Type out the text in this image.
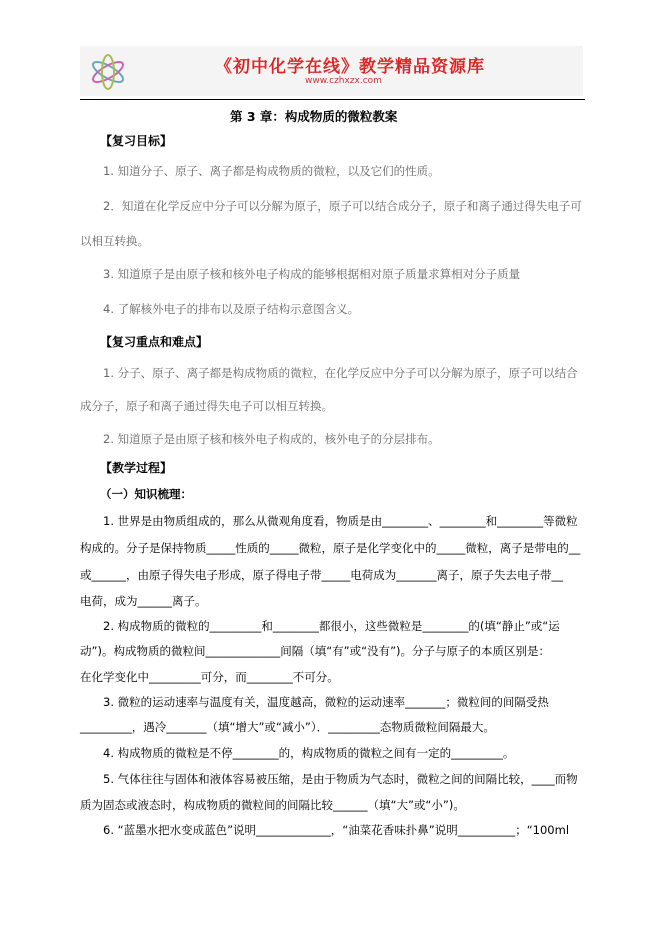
《初中化学在线》教学精品资源库
www.czhxzx.com
第 3 章：构成物质的微粒教案
【复习目标】
1. 知道分子、原子、离子都是构成物质的微粒，以及它们的性质。
2．知道在化学反应中分子可以分解为原子，原子可以结合成分子，原子和离子通过得失电子可
以相互转换。
3. 知道原子是由原子核和核外电子构成的能够根据相对原子质量求算相对分子质量
4. 了解核外电子的排布以及原子结构示意图含义。
【复习重点和难点】
1. 分子、原子、离子都是构成物质的微粒，在化学反应中分子可以分解为原子，原子可以结合
成分子，原子和离子通过得失电子可以相互转换。
2. 知道原子是由原子核和核外电子构成的，核外电子的分层排布。
【教学过程】
（一）知识梳理：
1. 世界是由物质组成的，那么从微观角度看，物质是由________、________和________等微粒
构成的。分子是保持物质_____性质的_____微粒，原子是化学变化中的_____微粒，离子是带电的__
或______，由原子得失电子形成，原子得电子带_____电荷成为_______离子，原子失去电子带__
电荷，成为______离子。
2. 构成物质的微粒的_________和________都很小，这些微粒是________的(填“静止”或“运
动”)。构成物质的微粒间_____________间隔（填“有”或“没有”)。分子与原子的本质区别是：
在化学变化中_________可分，而________不可分。
3. 微粒的运动速率与温度有关，温度越高，微粒的运动速率_______；微粒间的间隔受热
_________，遇冷_______（填“增大”或“减小”）．_________态物质微粒间隔最大。
4. 构成物质的微粒是不停________的，构成物质的微粒之间有一定的_________。
5. 气体往往与固体和液体容易被压缩，是由于物质为气态时，微粒之间的间隔比较，____而物
质为固态或液态时，构成物质的微粒间的间隔比较______（填“大”或“小”)。
6. “蓝墨水把水变成蓝色”说明_____________，“油菜花香味扑鼻”说明__________；“100ml
